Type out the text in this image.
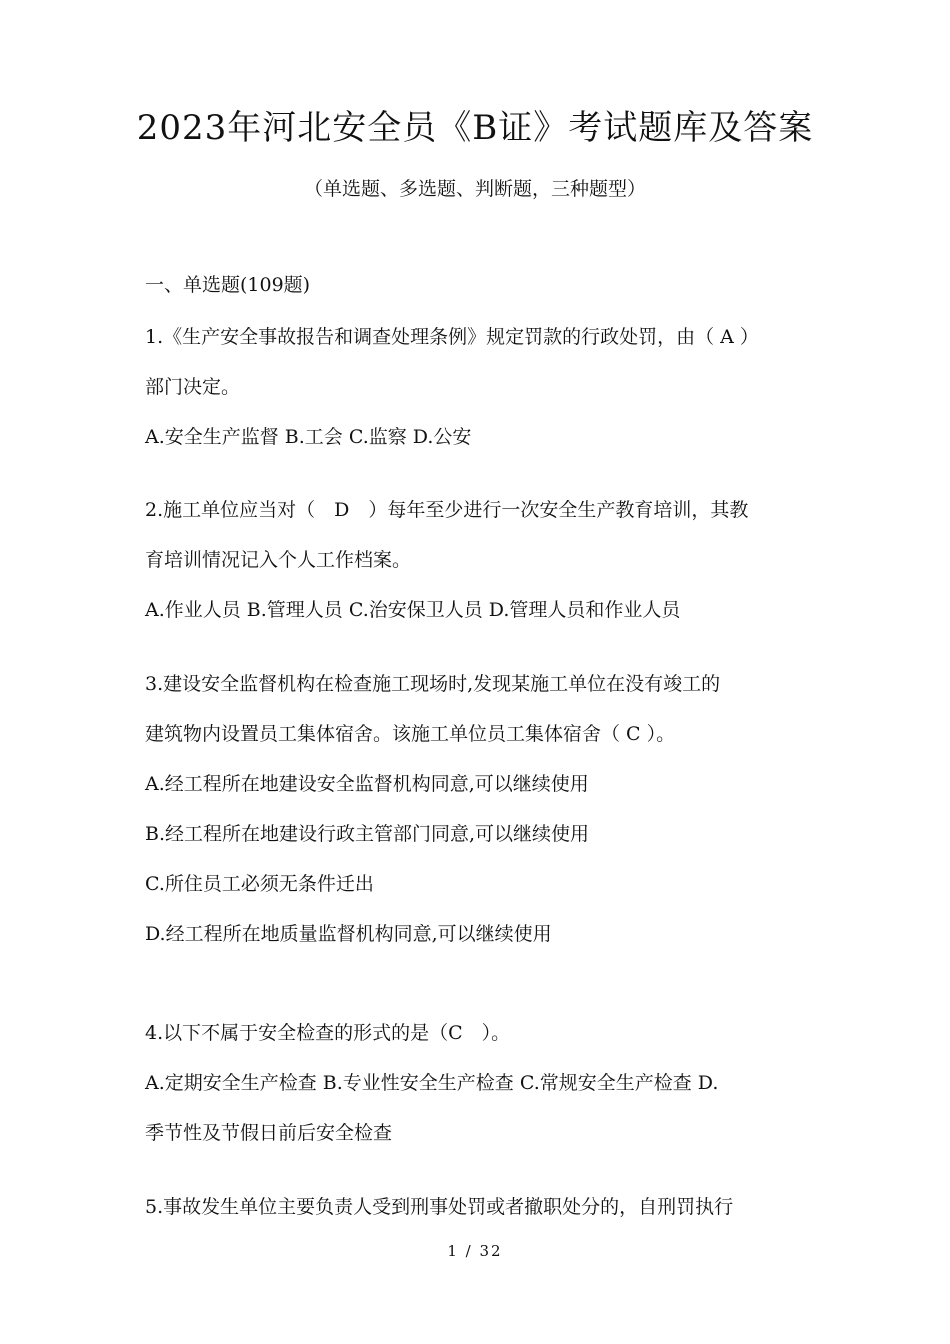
2023年河北安全员《B证》考试题库及答案
（单选题、多选题、判断题，三种题型）
一、单选题(109题)
1.《生产安全事故报告和调查处理条例》规定罚款的行政处罚，由（ A ）
部门决定。
A.安全生产监督 B.工会 C.监察 D.公安
2.施工单位应当对（　D　）每年至少进行一次安全生产教育培训，其教
育培训情况记入个人工作档案。
A.作业人员 B.管理人员 C.治安保卫人员 D.管理人员和作业人员
3.建设安全监督机构在检查施工现场时,发现某施工单位在没有竣工的
建筑物内设置员工集体宿舍。该施工单位员工集体宿舍（ C ）。
A.经工程所在地建设安全监督机构同意,可以继续使用
B.经工程所在地建设行政主管部门同意,可以继续使用
C.所住员工必须无条件迁出
D.经工程所在地质量监督机构同意,可以继续使用
4.以下不属于安全检查的形式的是（C　）。
A.定期安全生产检查 B.专业性安全生产检查 C.常规安全生产检查 D.
季节性及节假日前后安全检查
5.事故发生单位主要负责人受到刑事处罚或者撤职处分的，自刑罚执行
1 / 32
